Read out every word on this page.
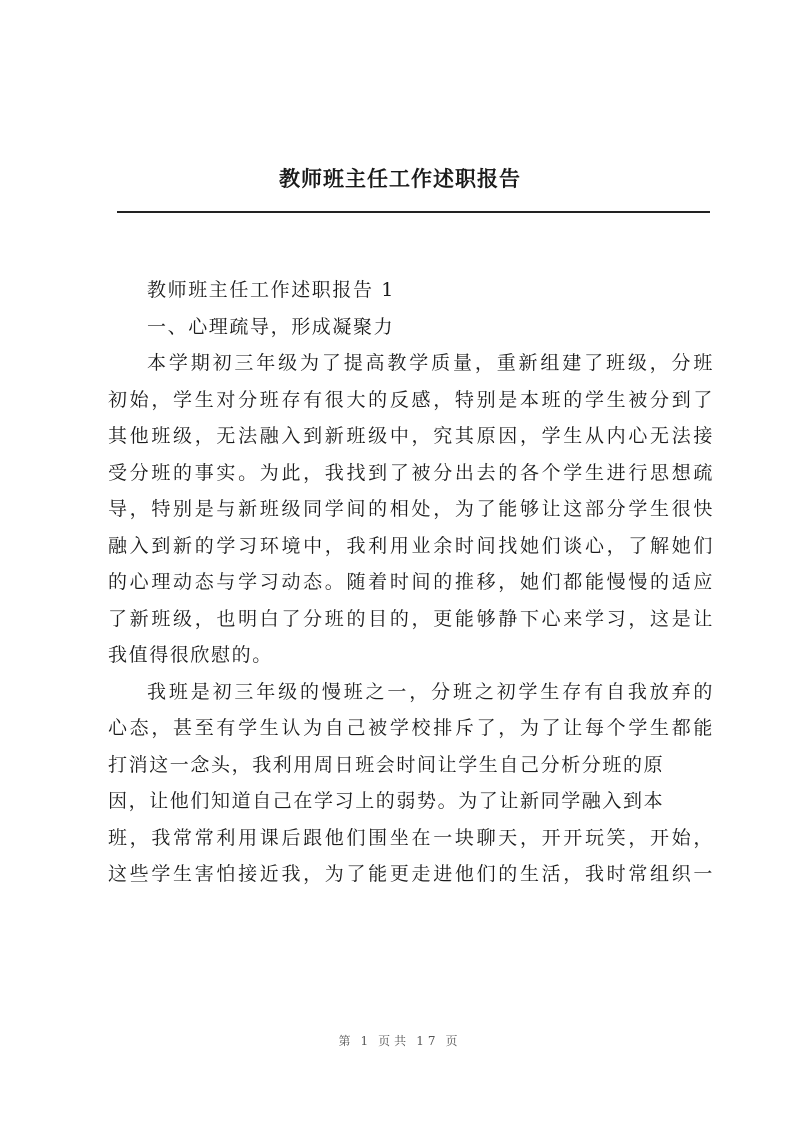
教师班主任工作述职报告
教师班主任工作述职报告 1
一、心理疏导，形成凝聚力
本学期初三年级为了提高教学质量，重新组建了班级，分班
初始，学生对分班存有很大的反感，特别是本班的学生被分到了
其他班级，无法融入到新班级中，究其原因，学生从内心无法接
受分班的事实。为此，我找到了被分出去的各个学生进行思想疏
导，特别是与新班级同学间的相处，为了能够让这部分学生很快
融入到新的学习环境中，我利用业余时间找她们谈心，了解她们
的心理动态与学习动态。随着时间的推移，她们都能慢慢的适应
了新班级，也明白了分班的目的，更能够静下心来学习，这是让
我值得很欣慰的。
我班是初三年级的慢班之一，分班之初学生存有自我放弃的
心态，甚至有学生认为自己被学校排斥了，为了让每个学生都能
打消这一念头，我利用周日班会时间让学生自己分析分班的原
因，让他们知道自己在学习上的弱势。为了让新同学融入到本
班，我常常利用课后跟他们围坐在一块聊天，开开玩笑，开始，
这些学生害怕接近我，为了能更走进他们的生活，我时常组织一
第 1 页共 17 页
